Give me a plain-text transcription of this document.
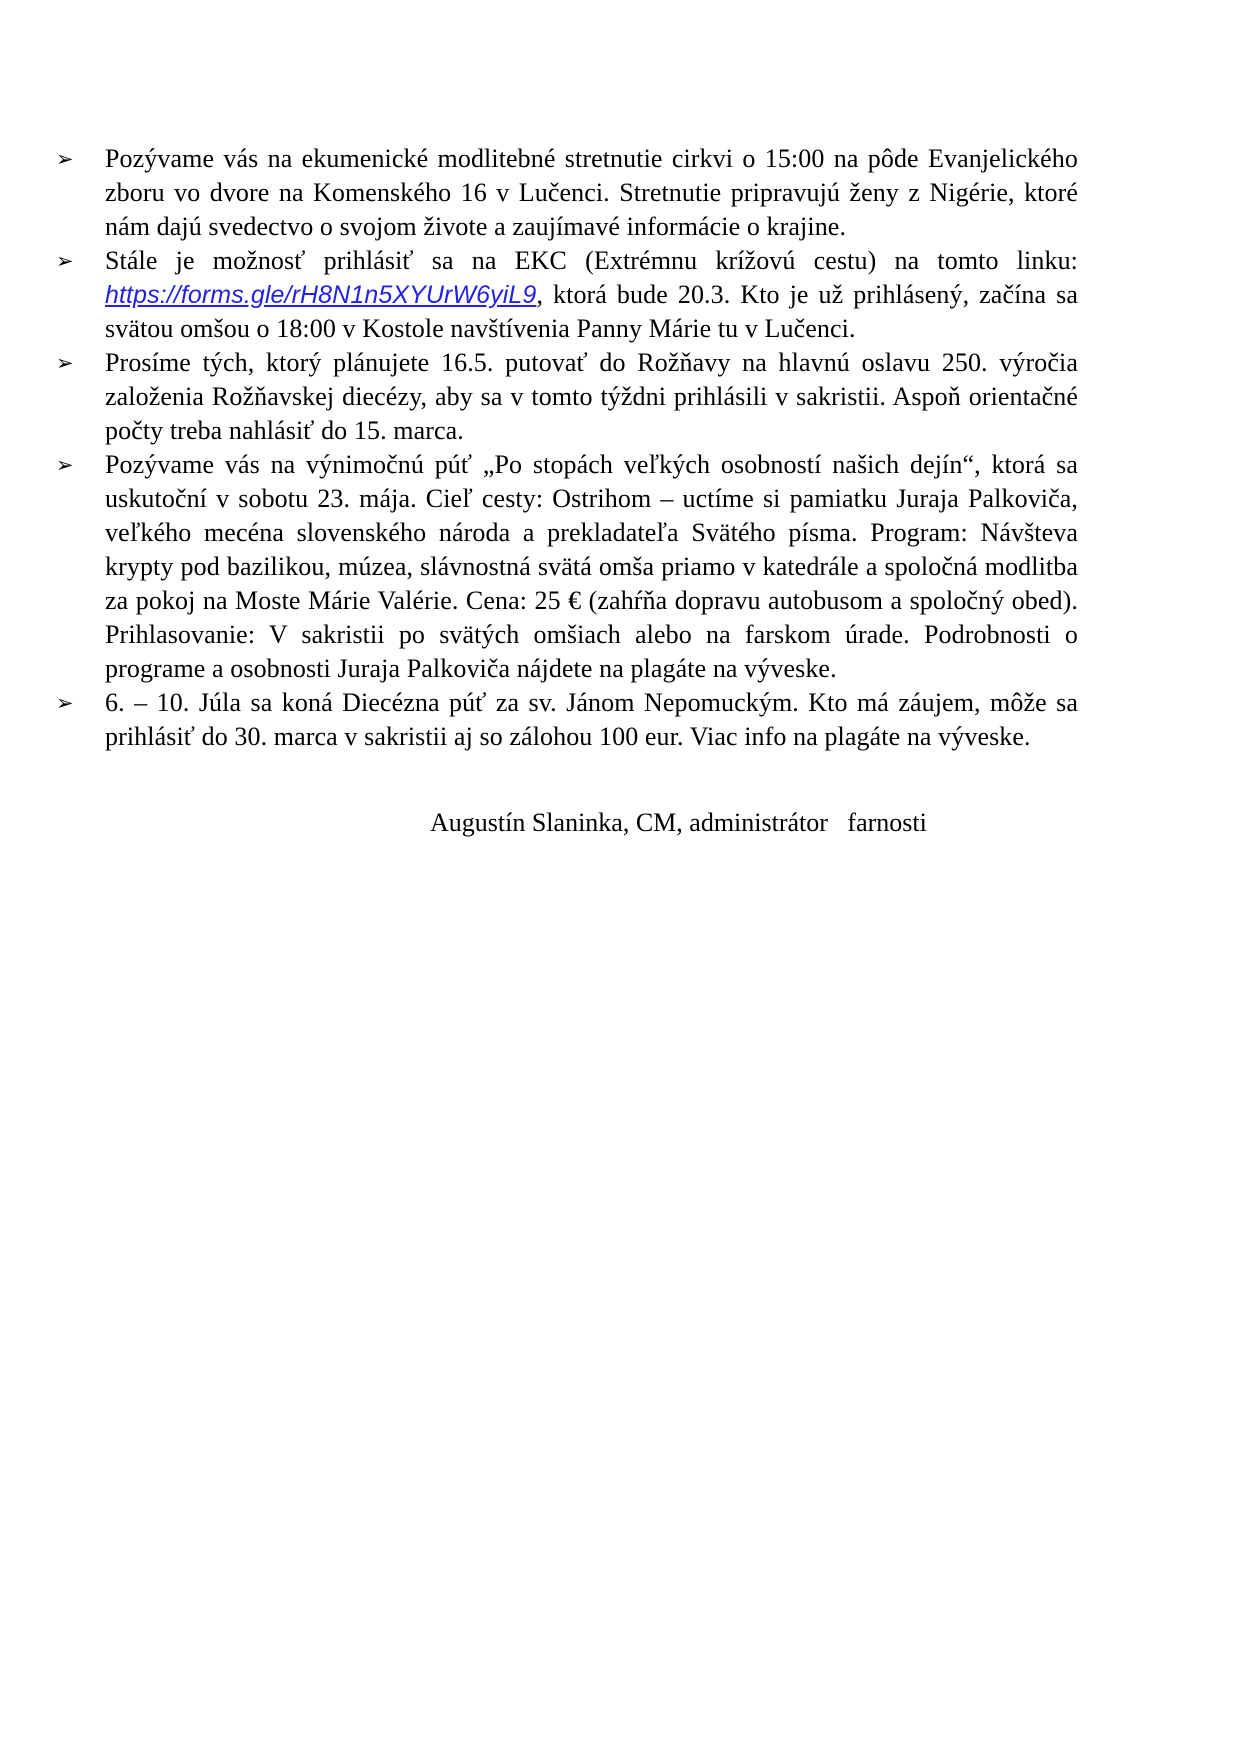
➢	Pozývame vás na ekumenické modlitebné stretnutie cirkvi o 15:00 na pôde Evanjelického zboru vo dvore na Komenského 16 v Lučenci. Stretnutie pripravujú ženy z Nigérie, ktoré nám dajú svedectvo o svojom živote a zaujímavé informácie o krajine.

➢	Stále je možnosť prihlásiť sa na EKC (Extrémnu krížovú cestu) na tomto linku: https://forms.gle/rH8N1n5XYUrW6yiL9, ktorá bude 20.3. Kto je už prihlásený, začína sa svätou omšou o 18:00 v Kostole navštívenia Panny Márie tu v Lučenci.

➢	Prosíme tých, ktorý plánujete 16.5. putovať do Rožňavy na hlavnú oslavu 250. výročia založenia Rožňavskej diecézy, aby sa v tomto týždni prihlásili v sakristii. Aspoň orientačné počty treba nahlásiť do 15. marca.

➢	Pozývame vás na výnimočnú púť „Po stopách veľkých osobností našich dejín“, ktorá sa uskutoční v sobotu 23. mája. Cieľ cesty: Ostrihom – uctíme si pamiatku Juraja Palkoviča, veľkého mecéna slovenského národa a prekladateľa Svätého písma. Program: Návšteva krypty pod bazilikou, múzea, slávnostná svätá omša priamo v katedrále a spoločná modlitba za pokoj na Moste Márie Valérie. Cena: 25 € (zahŕňa dopravu autobusom a spoločný obed). Prihlasovanie: V sakristii po svätých omšiach alebo na farskom úrade. Podrobnosti o programe a osobnosti Juraja Palkoviča nájdete na plagáte na výveske.

➢	6. – 10. Júla sa koná Diecézna púť za sv. Jánom Nepomuckým. Kto má záujem, môže sa prihlásiť do 30. marca v sakristii aj so zálohou 100 eur. Viac info na plagáte na výveske.

Augustín Slaninka, CM, administrátor   farnosti
